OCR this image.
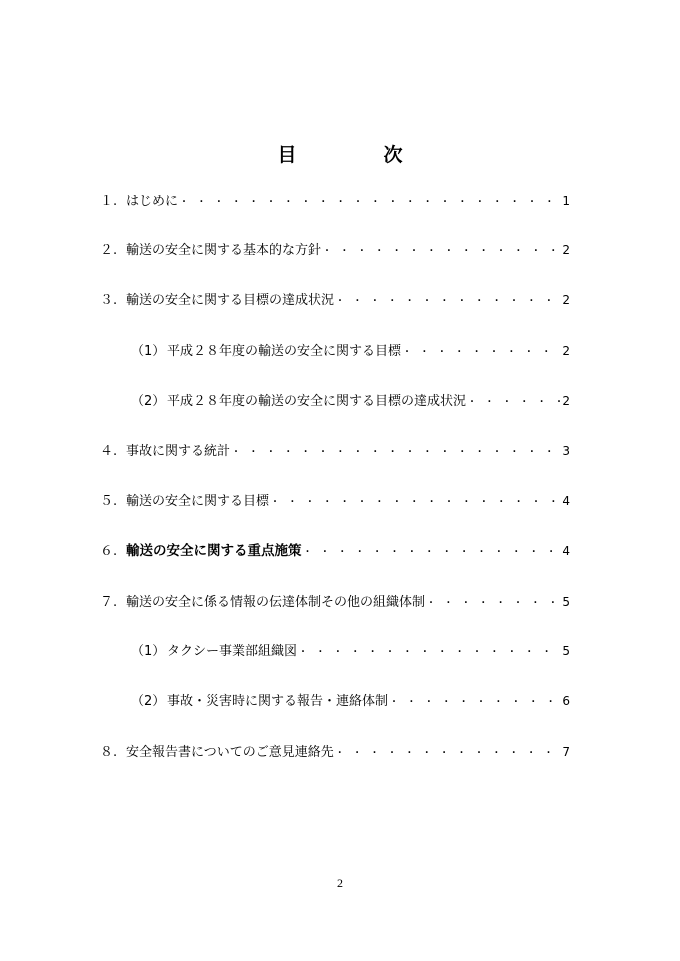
目　次
１. はじめに ・・・・・・・・・・・・・・・・・・・・・・・・・・・・・・・・・・・・・・・・・・・・・・・・・・・・	1
２. 輸送の安全に関する基本的な方針 ・・・・・・・・・・・・・・・・・・・・・・・・・・・・・・・・・・・・・・・・・・・・・・・・・・・・	2
３. 輸送の安全に関する目標の達成状況 ・・・・・・・・・・・・・・・・・・・・・・・・・・・・・・・・・・・・・・・・・・・・・・・・・・・・	2
（1） 平成２８年度の輸送の安全に関する目標 ・・・・・・・・・・・・・・・・・・・・・・・・・・・・・・・・・・・・・・・・・・・・・・・・・・・・	2
（2） 平成２８年度の輸送の安全に関する目標の達成状況 ・・・・・・・・・・・・・・・・・・・・・・・・・・・・・・・・・・・・・・・・・・・・・・・・・・・・	2
４. 事故に関する統計 ・・・・・・・・・・・・・・・・・・・・・・・・・・・・・・・・・・・・・・・・・・・・・・・・・・・・	3
５. 輸送の安全に関する目標 ・・・・・・・・・・・・・・・・・・・・・・・・・・・・・・・・・・・・・・・・・・・・・・・・・・・・	4
６. 輸送の安全に関する重点施策 ・・・・・・・・・・・・・・・・・・・・・・・・・・・・・・・・・・・・・・・・・・・・・・・・・・・・	4
７. 輸送の安全に係る情報の伝達体制その他の組織体制 ・・・・・・・・・・・・・・・・・・・・・・・・・・・・・・・・・・・・・・・・・・・・・・・・・・・・	5
（1） タクシー事業部組織図 ・・・・・・・・・・・・・・・・・・・・・・・・・・・・・・・・・・・・・・・・・・・・・・・・・・・・	5
（2） 事故・災害時に関する報告・連絡体制 ・・・・・・・・・・・・・・・・・・・・・・・・・・・・・・・・・・・・・・・・・・・・・・・・・・・・	6
８. 安全報告書についてのご意見連絡先 ・・・・・・・・・・・・・・・・・・・・・・・・・・・・・・・・・・・・・・・・・・・・・・・・・・・・	7
2
